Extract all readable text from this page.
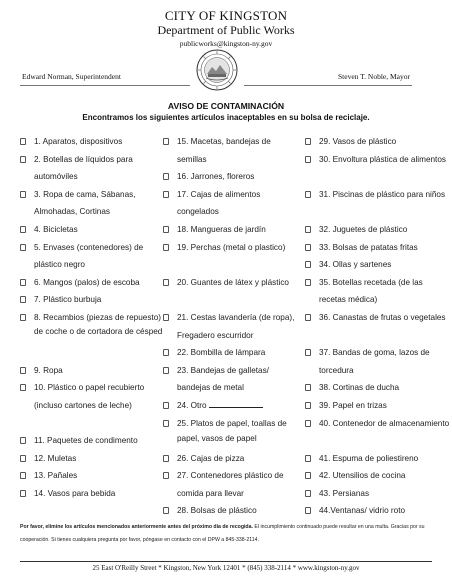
CITY OF KINGSTON
Department of Public Works
publicworks@kingston-ny.gov
Edward Norman, Superintendent	Steven T. Noble, Mayor
AVISO DE CONTAMINACIÓN
Encontramos los siguientes artículos inaceptables en su bolsa de reciclaje.
1. Aparatos, dispositivos
2. Botellas de líquidos para automóviles
3. Ropa de cama, Sábanas, Almohadas, Cortinas
4. Bicicletas
5. Envases (contenedores) de plástico negro
6. Mangos (palos) de escoba
7. Plástico burbuja
8. Recambios (piezas de repuesto) de coche o de cortadora de césped
9. Ropa
10. Plástico o papel recubierto (incluso cartones de leche)
11. Paquetes de condimento
12. Muletas
13. Pañales
14. Vasos para bebida
15. Macetas, bandejas de semillas
16. Jarrones, floreros
17. Cajas de alimentos congelados
18. Mangueras de jardín
19. Perchas (metal o plastico)
20. Guantes de látex y plástico
21. Cestas lavandería (de ropa), Fregadero escurridor
22. Bombilla de lámpara
23. Bandejas de galletas/ bandejas de metal
24. Otro
25. Platos de papel, toallas de papel, vasos de papel
26. Cajas de pizza
27. Contenedores plástico de comida para llevar
28. Bolsas de plástico
29. Vasos de plástico
30. Envoltura plástica de alimentos
31. Piscinas de plástico para niños
32. Juguetes de plástico
33. Bolsas de patatas fritas
34. Ollas y sartenes
35. Botellas recetada (de las recetas médica)
36. Canastas de frutas o vegetales
37. Bandas de goma, lazos de torcedura
38. Cortinas de ducha
39. Papel en trizas
40. Contenedor de almacenamiento
41. Espuma de poliestireno
42. Utensilios de cocina
43. Persianas
44.Ventanas/ vidrio roto
Por favor, elimine los artículos mencionados anteriormente antes del próximo día de recogida. El incumplimiento continuado puede resultar en una multa. Gracias por su cooperación. Si tienes cualquiera pregunta por favor, póngase en contacto con el DPW a 845-338-2114.
25 East O'Reilly Street * Kingston, New York 12401 * (845) 338-2114 * www.kingston-ny.gov
